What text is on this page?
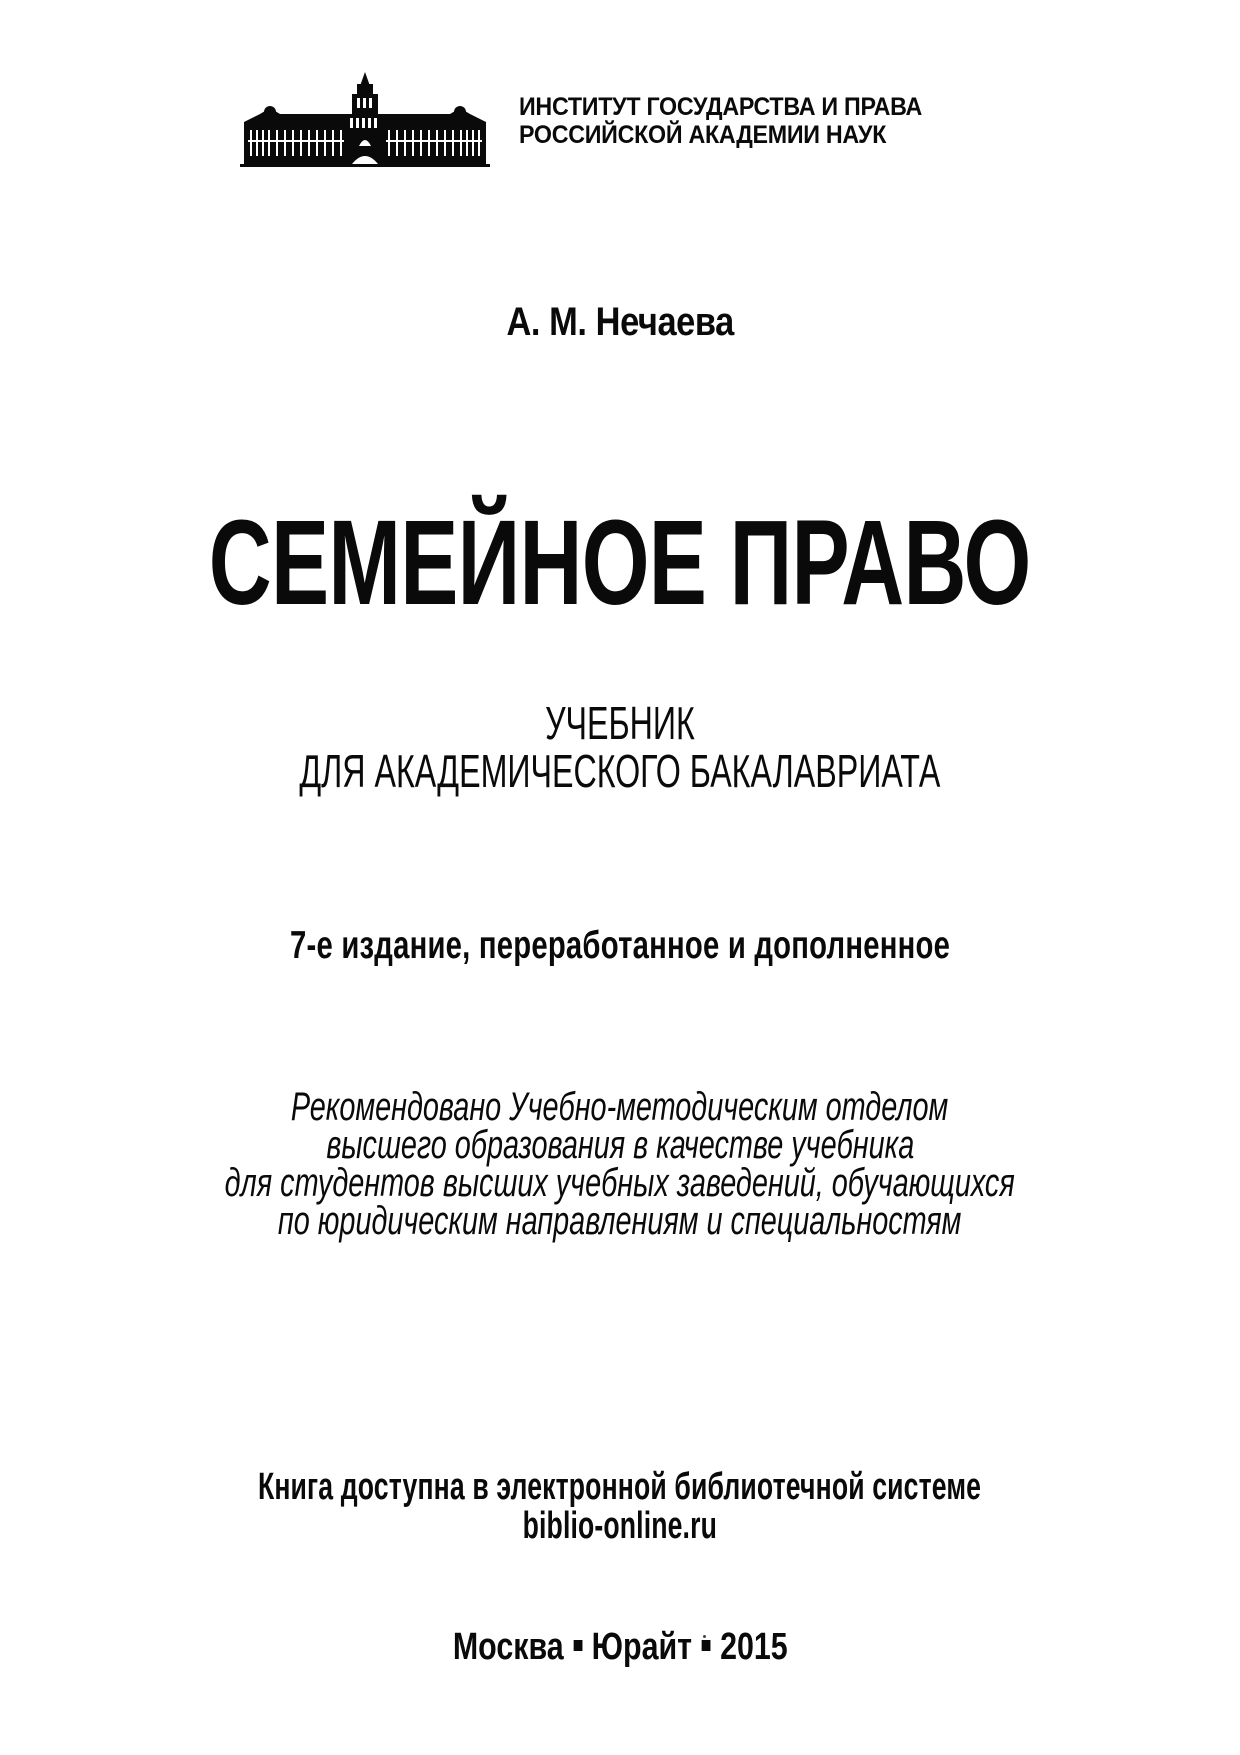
ИНСТИТУТ ГОСУДАРСТВА И ПРАВА
РОССИЙСКОЙ АКАДЕМИИ НАУК
А. М. Нечаева
СЕМЕЙНОЕ ПРАВО
УЧЕБНИК
ДЛЯ АКАДЕМИЧЕСКОГО БАКАЛАВРИАТА
7-е издание, переработанное и дополненное
Рекомендовано Учебно-методическим отделом
высшего образования в качестве учебника
для студентов высших учебных заведений, обучающихся
по юридическим направлениям и специальностям
Книга доступна в электронной библиотечной системе
biblio-online.ru
Москва Юрайт 2015
